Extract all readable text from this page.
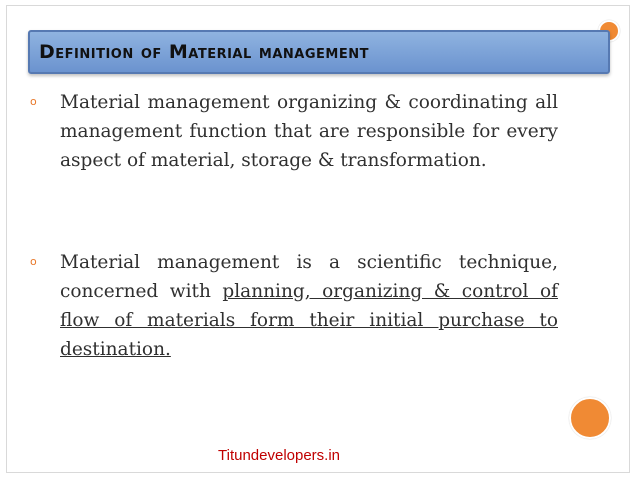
Definition of Material management
o Material management organizing & coordinating all management function that are responsible for every aspect of material, storage & transformation.

o Material management is a scientific technique, concerned with planning, organizing & control of flow of materials form their initial purchase to destination.

Titundevelopers.in
